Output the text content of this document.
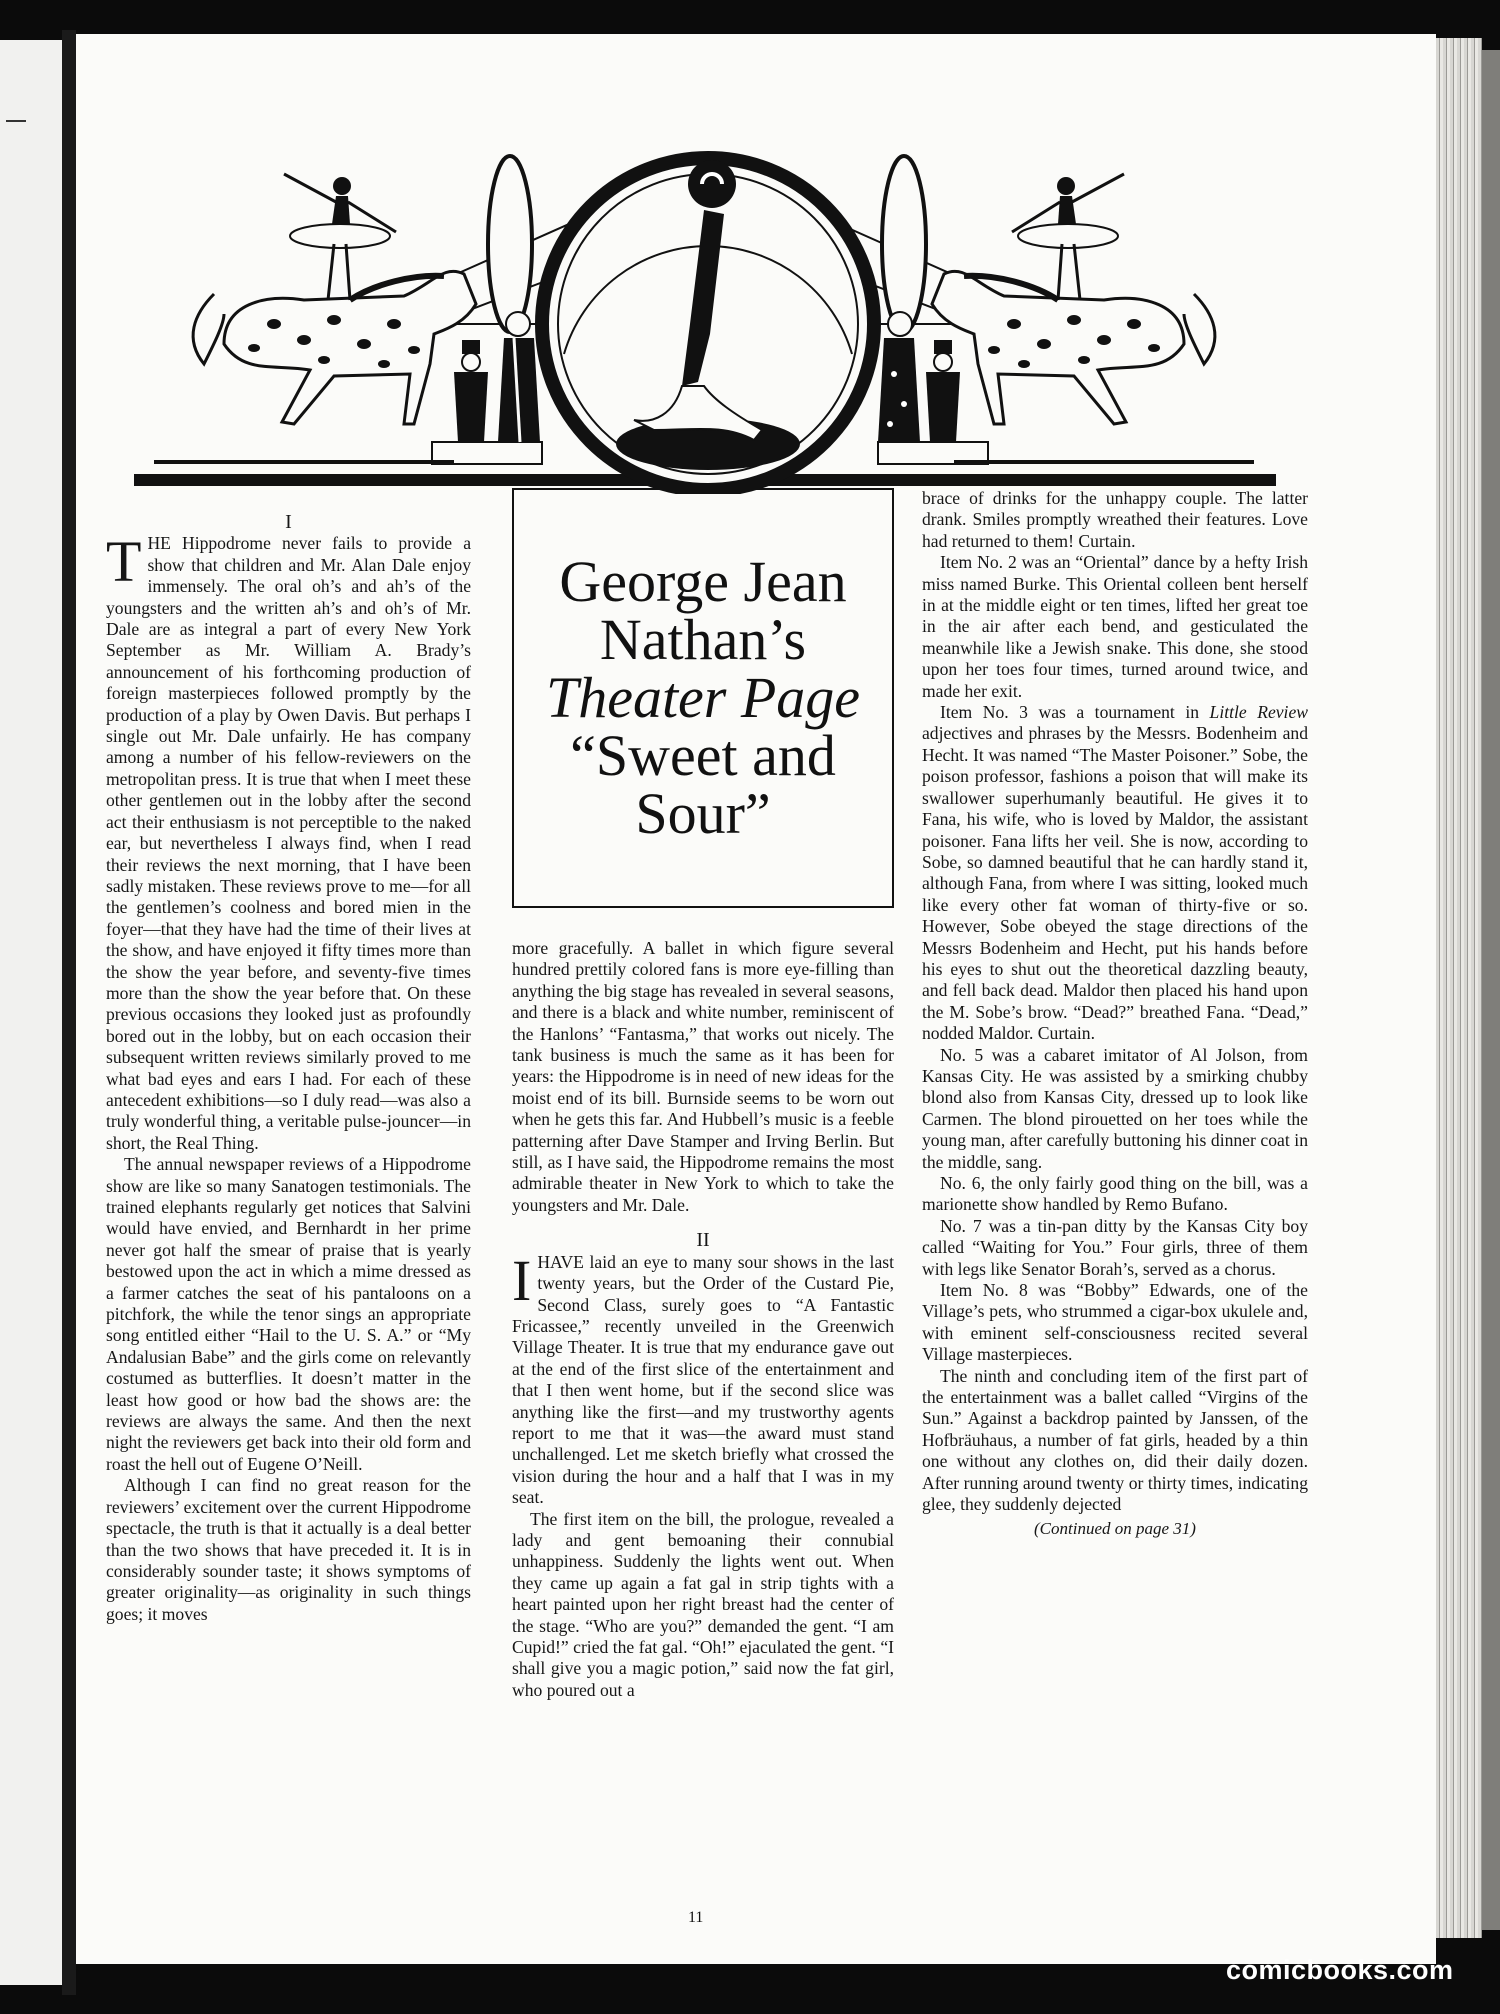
I

THE Hippodrome never fails to provide a show that children and Mr. Alan Dale enjoy immensely. The oral oh’s and ah’s of the youngsters and the written ah’s and oh’s of Mr. Dale are as integral a part of every New York September as Mr. William A. Brady’s announcement of his forthcoming production of foreign masterpieces followed promptly by the production of a play by Owen Davis. But perhaps I single out Mr. Dale unfairly. He has company among a number of his fellow-reviewers on the metropolitan press. It is true that when I meet these other gentlemen out in the lobby after the second act their enthusiasm is not perceptible to the naked ear, but nevertheless I always find, when I read their reviews the next morning, that I have been sadly mistaken. These reviews prove to me—for all the gentlemen’s coolness and bored mien in the foyer—that they have had the time of their lives at the show, and have enjoyed it fifty times more than the show the year before, and seventy-five times more than the show the year before that. On these previous occasions they looked just as profoundly bored out in the lobby, but on each occasion their subsequent written reviews similarly proved to me what bad eyes and ears I had. For each of these antecedent exhibitions—so I duly read—was also a truly wonderful thing, a veritable pulse-jouncer—in short, the Real Thing.

The annual newspaper reviews of a Hippodrome show are like so many Sanatogen testimonials. The trained elephants regularly get notices that Salvini would have envied, and Bernhardt in her prime never got half the smear of praise that is yearly bestowed upon the act in which a mime dressed as a farmer catches the seat of his pantaloons on a pitchfork, the while the tenor sings an appropriate song entitled either “Hail to the U. S. A.” or “My Andalusian Babe” and the girls come on relevantly costumed as butterflies. It doesn’t matter in the least how good or how bad the shows are: the reviews are always the same. And then the next night the reviewers get back into their old form and roast the hell out of Eugene O’Neill.

Although I can find no great reason for the reviewers’ excitement over the current Hippodrome spectacle, the truth is that it actually is a deal better than the two shows that have preceded it. It is in considerably sounder taste; it shows symptoms of greater originality—as originality in such things goes; it moves

George Jean
Nathan’s
Theater Page
“Sweet and
Sour”

more gracefully. A ballet in which figure several hundred prettily colored fans is more eye-filling than anything the big stage has revealed in several seasons, and there is a black and white number, reminiscent of the Hanlons’ “Fantasma,” that works out nicely. The tank business is much the same as it has been for years: the Hippodrome is in need of new ideas for the moist end of its bill. Burnside seems to be worn out when he gets this far. And Hubbell’s music is a feeble patterning after Dave Stamper and Irving Berlin. But still, as I have said, the Hippodrome remains the most admirable theater in New York to which to take the youngsters and Mr. Dale.

II

IHAVE laid an eye to many sour shows in the last twenty years, but the Order of the Custard Pie, Second Class, surely goes to “A Fantastic Fricassee,” recently unveiled in the Greenwich Village Theater. It is true that my endurance gave out at the end of the first slice of the entertainment and that I then went home, but if the second slice was anything like the first—and my trustworthy agents report to me that it was—the award must stand unchallenged. Let me sketch briefly what crossed the vision during the hour and a half that I was in my seat.

The first item on the bill, the prologue, revealed a lady and gent bemoaning their connubial unhappiness. Suddenly the lights went out. When they came up again a fat gal in strip tights with a heart painted upon her right breast had the center of the stage. “Who are you?” demanded the gent. “I am Cupid!” cried the fat gal. “Oh!” ejaculated the gent. “I shall give you a magic potion,” said now the fat girl, who poured out a

brace of drinks for the unhappy couple. The latter drank. Smiles promptly wreathed their features. Love had returned to them! Curtain.

Item No. 2 was an “Oriental” dance by a hefty Irish miss named Burke. This Oriental colleen bent herself in at the middle eight or ten times, lifted her great toe in the air after each bend, and gesticulated the meanwhile like a Jewish snake. This done, she stood upon her toes four times, turned around twice, and made her exit.

Item No. 3 was a tournament in Little Review adjectives and phrases by the Messrs. Bodenheim and Hecht. It was named “The Master Poisoner.” Sobe, the poison professor, fashions a poison that will make its swallower superhumanly beautiful. He gives it to Fana, his wife, who is loved by Maldor, the assistant poisoner. Fana lifts her veil. She is now, according to Sobe, so damned beautiful that he can hardly stand it, although Fana, from where I was sitting, looked much like every other fat woman of thirty-five or so. However, Sobe obeyed the stage directions of the Messrs Bodenheim and Hecht, put his hands before his eyes to shut out the theoretical dazzling beauty, and fell back dead. Maldor then placed his hand upon the M. Sobe’s brow. “Dead?” breathed Fana. “Dead,” nodded Maldor. Curtain.

No. 5 was a cabaret imitator of Al Jolson, from Kansas City. He was assisted by a smirking chubby blond also from Kansas City, dressed up to look like Carmen. The blond pirouetted on her toes while the young man, after carefully buttoning his dinner coat in the middle, sang.

No. 6, the only fairly good thing on the bill, was a marionette show handled by Remo Bufano.

No. 7 was a tin-pan ditty by the Kansas City boy called “Waiting for You.” Four girls, three of them with legs like Senator Borah’s, served as a chorus.

Item No. 8 was “Bobby” Edwards, one of the Village’s pets, who strummed a cigar-box ukulele and, with eminent self-consciousness recited several Village masterpieces.

The ninth and concluding item of the first part of the entertainment was a ballet called “Virgins of the Sun.” Against a backdrop painted by Janssen, of the Hofbräuhaus, a number of fat girls, headed by a thin one without any clothes on, did their daily dozen. After running around twenty or thirty times, indicating glee, they suddenly dejected

(Continued on page 31)
11
comicbooks.com
